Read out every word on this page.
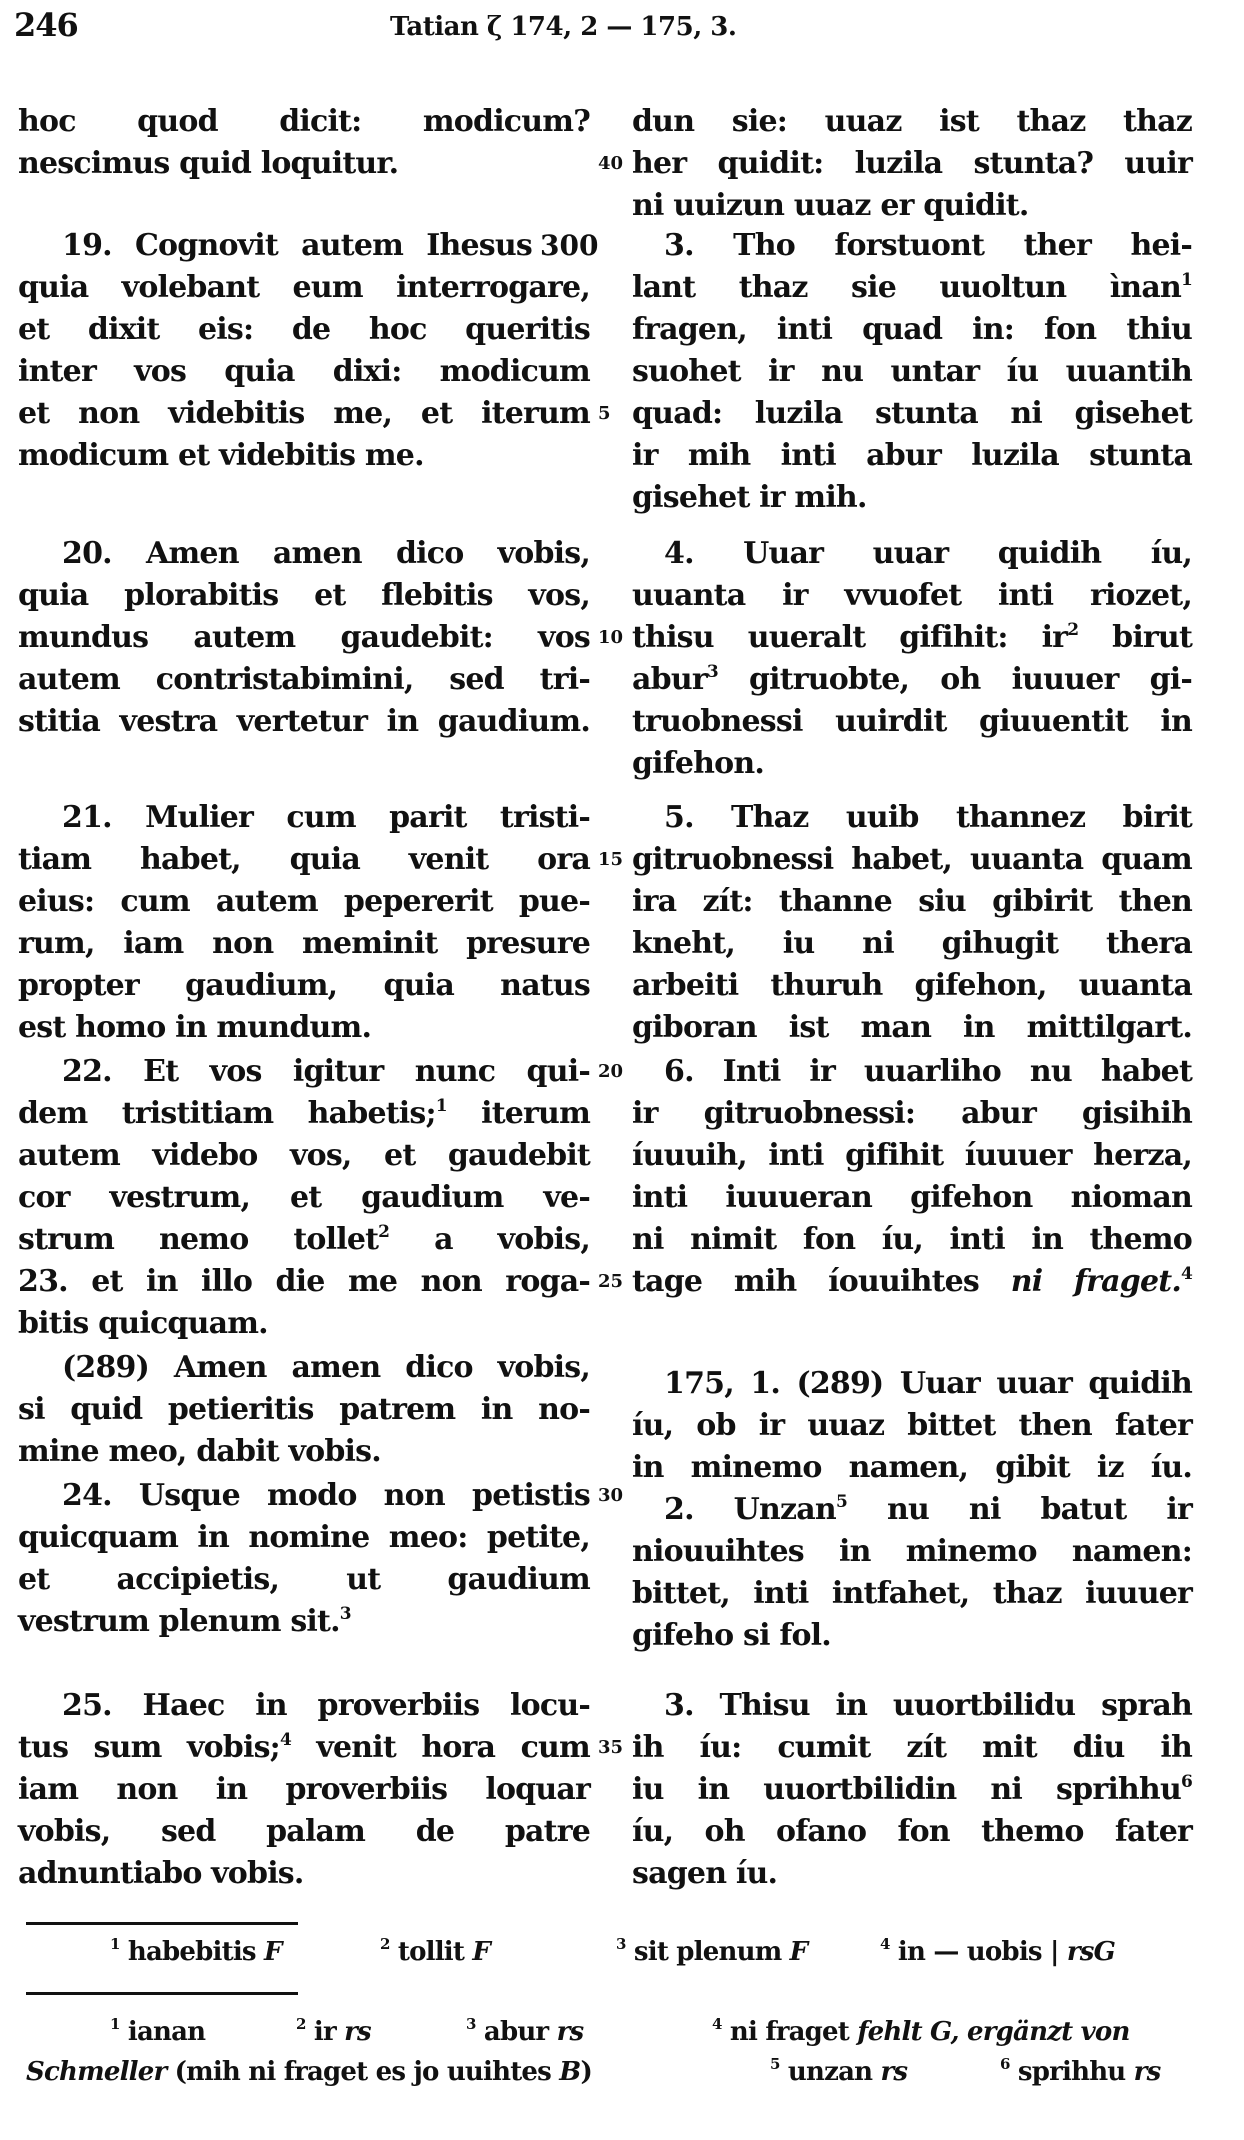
246	Tatian ζ 174, 2 — 175, 3.
hoc quod dicit: modicum?
nescimus quid loquitur.
19. Cognovit autem Ihesus 300
quia volebant eum interrogare,
et dixit eis: de hoc queritis
inter vos quia dixi: modicum
et non videbitis me, et iterum
modicum et videbitis me.
20. Amen amen dico vobis,
quia plorabitis et flebitis vos,
mundus autem gaudebit: vos
autem contristabimini, sed tri-
stitia vestra vertetur in gaudium.
21. Mulier cum parit tristi-
tiam habet, quia venit ora
eius: cum autem pepererit pue-
rum, iam non meminit presure
propter gaudium, quia natus
est homo in mundum.
22. Et vos igitur nunc qui-
dem tristitiam habetis;$^1$ iterum
autem videbo vos, et gaudebit
cor vestrum, et gaudium ve-
strum nemo tollet$^2$ a vobis,
23. et in illo die me non roga-
bitis quicquam.
(289) Amen amen dico vobis,
si quid petieritis patrem in no-
mine meo, dabit vobis.
24. Usque modo non petistis
quicquam in nomine meo: petite,
et accipietis, ut gaudium
vestrum plenum sit.$^3$
25. Haec in proverbiis locu-
tus sum vobis;$^4$ venit hora cum
iam non in proverbiis loquar
vobis, sed palam de patre
adnuntiabo vobis.
40
5
10
15
20
25
30
35
dun sie: uuaz ist thaz thaz
her quidit: luzila stunta? uuir
ni uuizun uuaz er quidit.
3. Tho forstuont ther hei-
lant thaz sie uuoltun ìnan$^1$
fragen, inti quad in: fon thiu
suohet ir nu untar íu uuantih
quad: luzila stunta ni gisehet
ir mih inti abur luzila stunta
gisehet ir mih.
4. Uuar uuar quidih íu,
uuanta ir vvuofet inti riozet,
thisu uueralt gifihit: $ir^2$ birut
abur$^3$ gitruobte, oh iuuuer gi-
truobnessi uuirdit giuuentit in
gifehon.
5. Thaz uuib thannez birit
gitruobnessi habet, uuanta quam
ira zít: thanne siu gibirit then
kneht, iu ni gihugit thera
arbeiti thuruh gifehon, uuanta
giboran ist man in mittilgart.
6. Inti ir uuarliho nu habet
ir gitruobnessi: abur gisihih
íuuuih, inti gifihit íuuuer herza,
inti iuuueran gifehon nioman
ni nimit fon íu, inti in themo
tage mih íouuihtes ni fraget.$^4$
175, 1. (289) Uuar uuar quidih
íu, ob ir uuaz bittet then fater
in minemo namen, gibit iz íu.
2. Unzan$^5$ nu ni batut ir
niouuihtes in minemo namen:
bittet, inti intfahet, thaz iuuuer
gifeho si fol.
3. Thisu in uuortbilidu sprah
ih íu: cumit zít mit diu ih
iu in uuortbilidin ni sprihhu$^6$
íu, oh ofano fon themo fater
sagen íu.
$^1$ habebitis F	$^2$ tollit F	$^3$ sit plenum F	$^4$ in — uobis | rsG
$^1$ ianan	$^2$ ir rs	$^3$ abur rs	$^4$ ni fraget fehlt G, ergänzt von
Schmeller (mih ni fraget es jo uuihtes B)	$^5$ unzan rs	$^6$ sprihhu rs
